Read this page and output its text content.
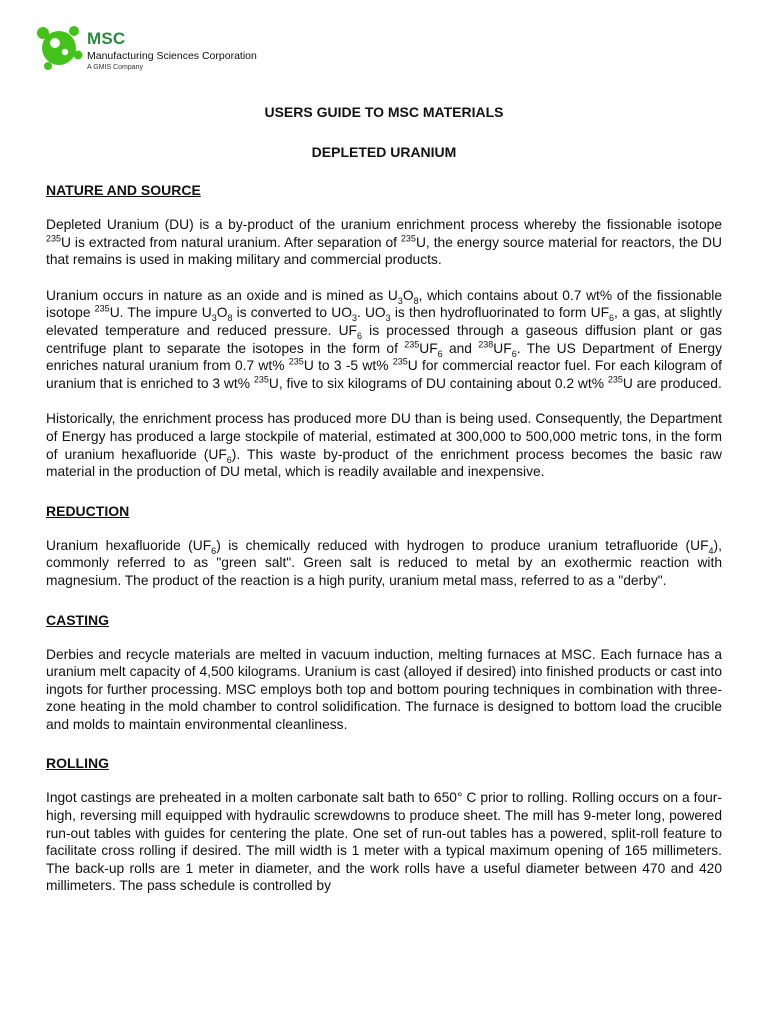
MSC
Manufacturing Sciences Corporation
A GMIS Company
USERS GUIDE TO MSC MATERIALS
DEPLETED URANIUM
NATURE AND SOURCE

Depleted Uranium (DU) is a by-product of the uranium enrichment process whereby the fissionable isotope $^{235}$U is extracted from natural uranium. After separation of $^{235}$U, the energy source material for reactors, the DU that remains is used in making military and commercial products.

Uranium occurs in nature as an oxide and is mined as $U_3O_8$, which contains about 0.7 wt% of the fissionable isotope $^{235}$U. The impure $U_3O_8$ is converted to $UO_3$. $UO_3$ is then hydrofluorinated to form $UF_6$, a gas, at slightly elevated temperature and reduced pressure. $UF_6$ is processed through a gaseous diffusion plant or gas centrifuge plant to separate the isotopes in the form of $^{235}UF_6$ and $^{238}UF_6$. The US Department of Energy enriches natural uranium from 0.7 wt% $^{235}$U to 3 -5 wt% $^{235}$U for commercial reactor fuel. For each kilogram of uranium that is enriched to 3 wt% $^{235}$U, five to six kilograms of DU containing about 0.2 wt% $^{235}$U are produced.

Historically, the enrichment process has produced more DU than is being used. Consequently, the Department of Energy has produced a large stockpile of material, estimated at 300,000 to 500,000 metric tons, in the form of uranium hexafluoride $(UF_6)$. This waste by-product of the enrichment process becomes the basic raw material in the production of DU metal, which is readily available and inexpensive.

REDUCTION

Uranium hexafluoride $(UF_6)$ is chemically reduced with hydrogen to produce uranium tetrafluoride $(UF_4)$, commonly referred to as "green salt". Green salt is reduced to metal by an exothermic reaction with magnesium. The product of the reaction is a high purity, uranium metal mass, referred to as a "derby".

CASTING

Derbies and recycle materials are melted in vacuum induction, melting furnaces at MSC. Each furnace has a uranium melt capacity of 4,500 kilograms. Uranium is cast (alloyed if desired) into finished products or cast into ingots for further processing. MSC employs both top and bottom pouring techniques in combination with three-zone heating in the mold chamber to control solidification. The furnace is designed to bottom load the crucible and molds to maintain environmental cleanliness.

ROLLING

Ingot castings are preheated in a molten carbonate salt bath to 650° C prior to rolling. Rolling occurs on a four-high, reversing mill equipped with hydraulic screwdowns to produce sheet. The mill has 9-meter long, powered run-out tables with guides for centering the plate. One set of run-out tables has a powered, split-roll feature to facilitate cross rolling if desired. The mill width is 1 meter with a typical maximum opening of 165 millimeters. The back-up rolls are 1 meter in diameter, and the work rolls have a useful diameter between 470 and 420 millimeters. The pass schedule is controlled by
